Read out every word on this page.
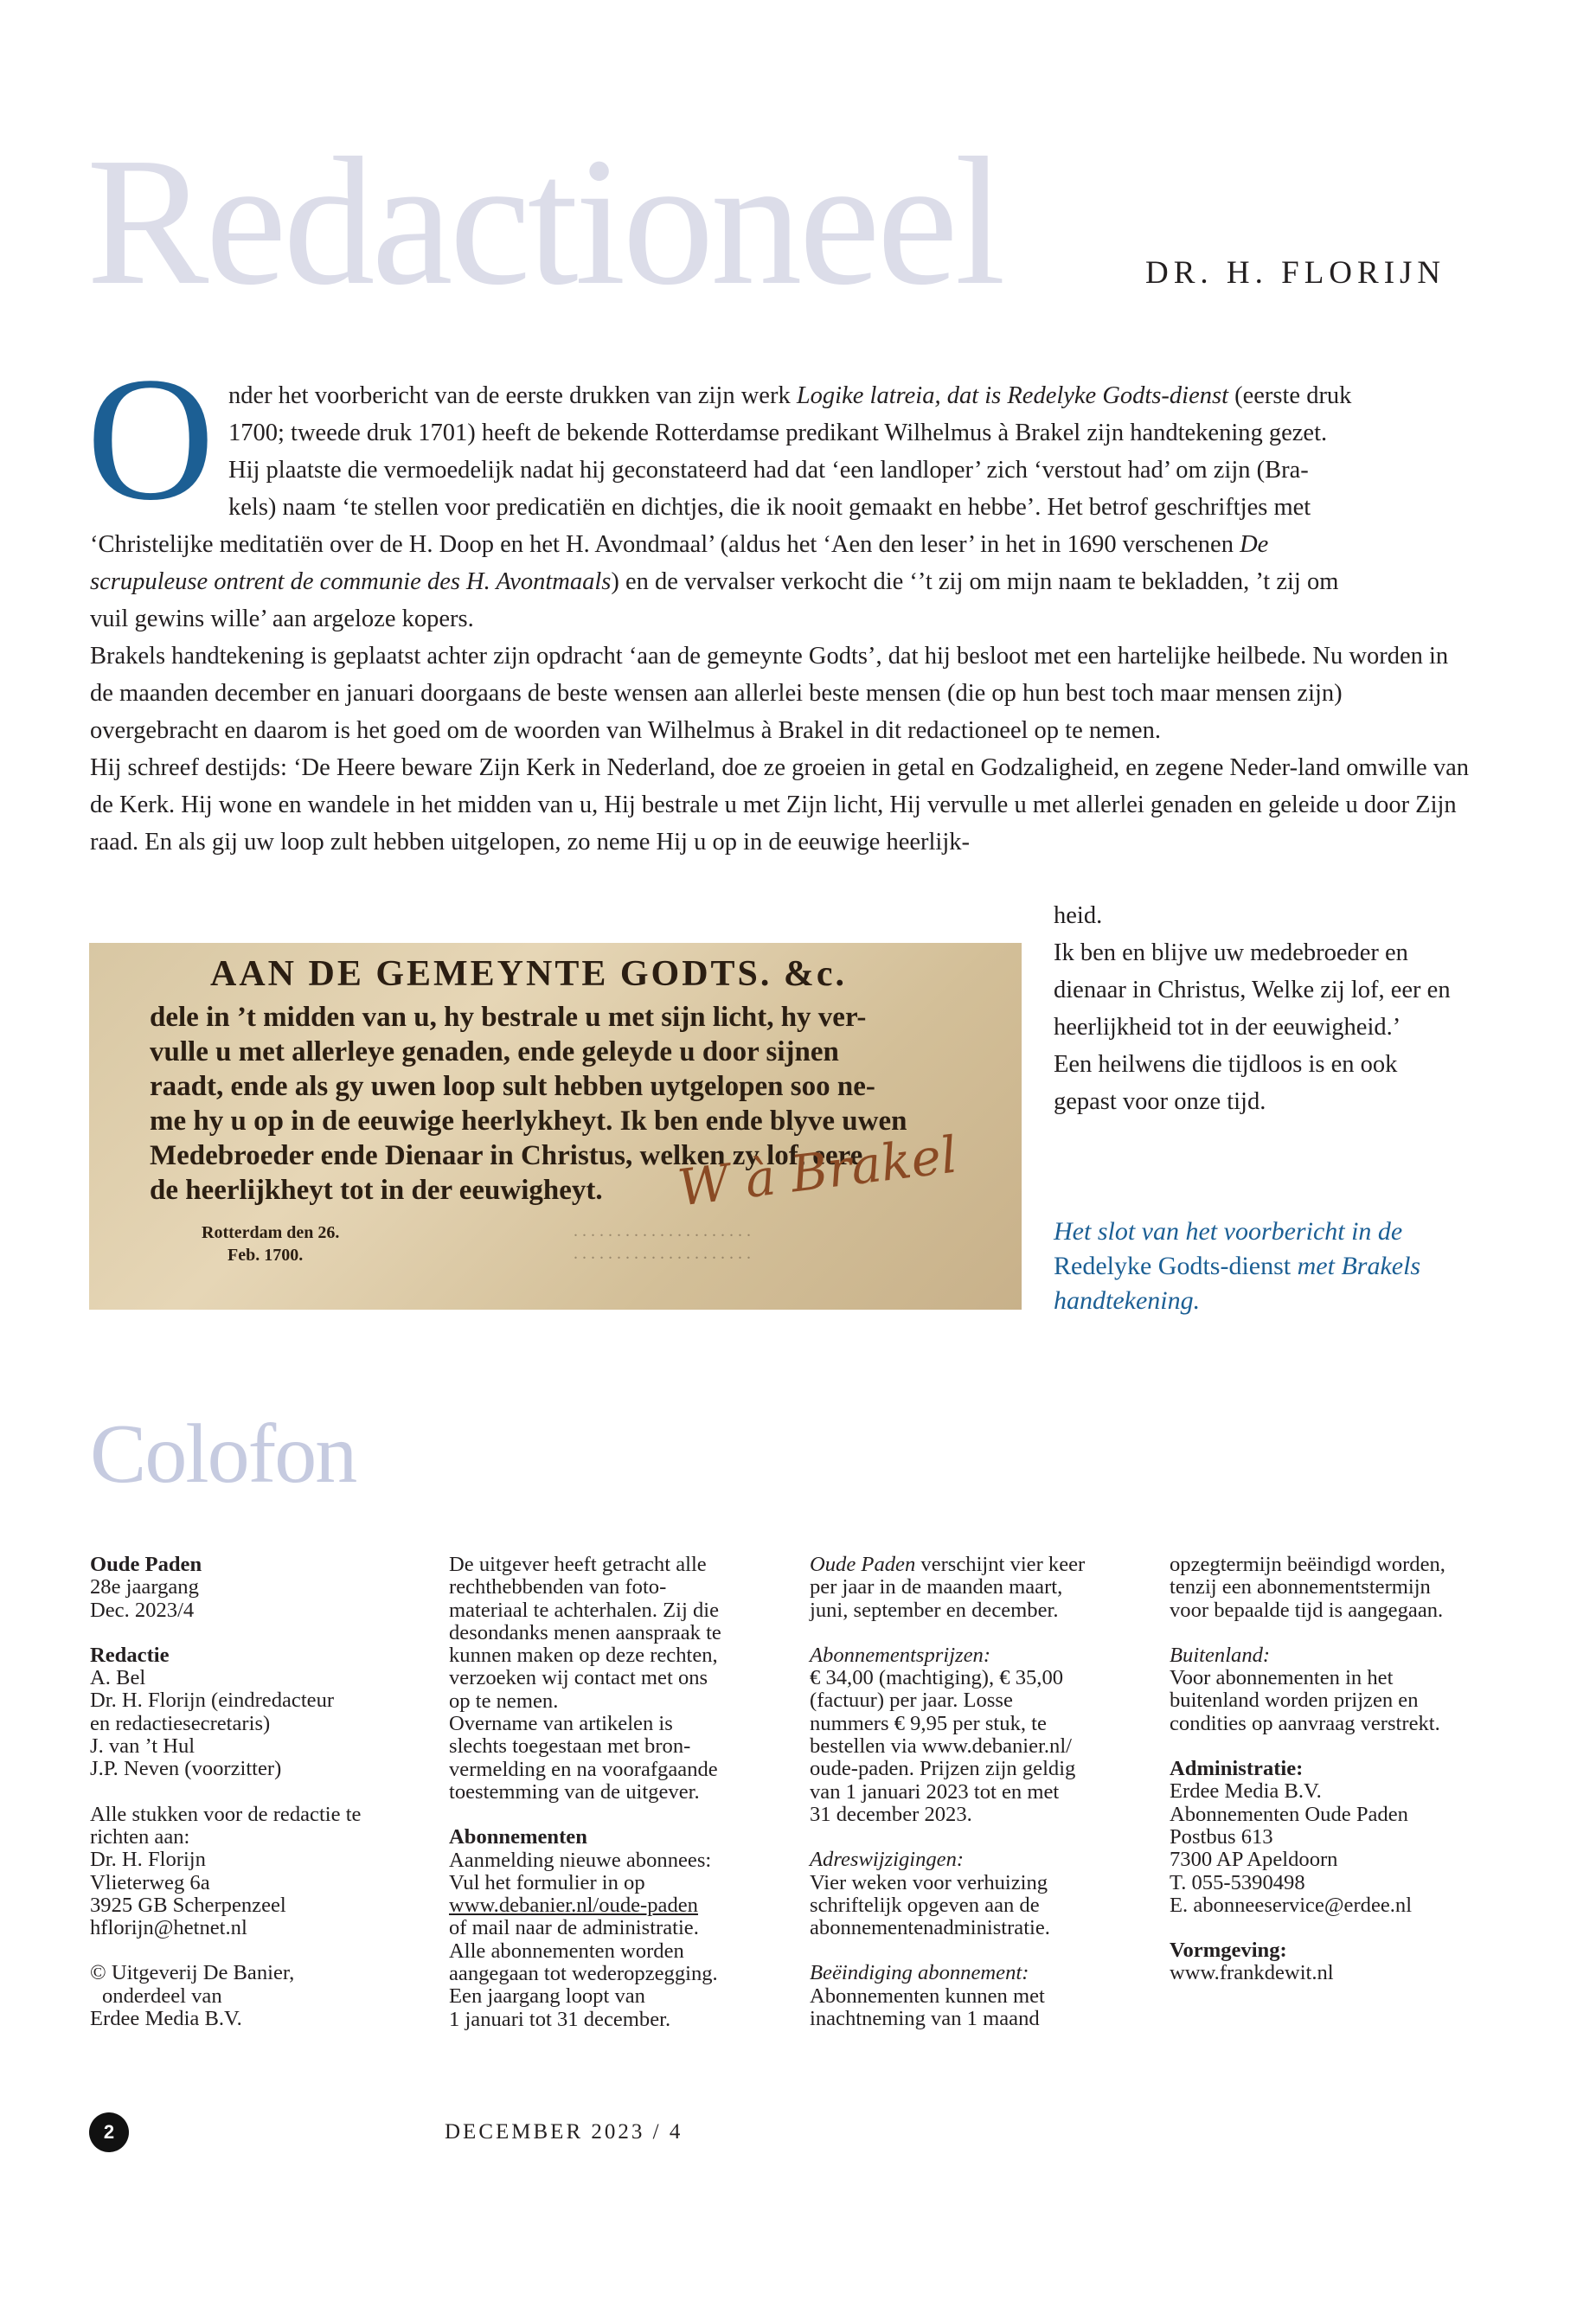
Redactioneel	DR. H. FLORIJN
O nder het voorbericht van de eerste drukken van zijn werk Logike latreia, dat is Redelyke Godts-dienst (eerste druk

1700; tweede druk 1701) heeft de bekende Rotterdamse predikant Wilhelmus à Brakel zijn handtekening gezet.

Hij plaatste die vermoedelijk nadat hij geconstateerd had dat ‘een landloper’ zich ‘verstout had’ om zijn (Bra-

kels) naam ‘te stellen voor predicatiën en dichtjes, die ik nooit gemaakt en hebbe’. Het betrof geschriftjes met

‘Christelijke meditatiën over de H. Doop en het H. Avondmaal’ (aldus het ‘Aen den leser’ in het in 1690 verschenen De

scrupuleuse ontrent de communie des H. Avontmaals) en de vervalser verkocht die ‘’t zij om mijn naam te bekladden, ’t zij om

vuil gewins wille’ aan argeloze kopers.

Brakels handtekening is geplaatst achter zijn opdracht ‘aan de gemeynte Godts’, dat hij besloot met een hartelijke heilbede. Nu worden in de maanden december en januari doorgaans de beste wensen aan allerlei beste mensen (die op hun best toch maar mensen zijn) overgebracht en daarom is het goed om de woorden van Wilhelmus à Brakel in dit redactioneel op te nemen.

Hij schreef destijds: ‘De Heere beware Zijn Kerk in Nederland, doe ze groeien in getal en Godzaligheid, en zegene Neder-land omwille van de Kerk. Hij wone en wandele in het midden van u, Hij bestrale u met Zijn licht, Hij vervulle u met allerlei genaden en geleide u door Zijn raad. En als gij uw loop zult hebben uitgelopen, zo neme Hij u op in de eeuwige heerlijk-

heid.

Ik ben en blijve uw medebroeder en dienaar in Christus, Welke zij lof, eer en heerlijkheid tot in der eeuwigheid.’

Een heilwens die tijdloos is en ook gepast voor onze tijd.

. . . . . . . . . . . . . . . . . . . . .
. . . . . . . . . . . . . . . . . . . . .
AAN DE GEMEYNTE GODTS. &c.
dele in ’t midden van u, hy bestrale u met sijn licht, hy ver-
vulle u met allerleye genaden, ende geleyde u door sijnen
raadt, ende als gy uwen loop sult hebben uytgelopen soo ne-
me hy u op in de eeuwige heerlykheyt. Ik ben ende blyve uwen
Medebroeder ende Dienaar in Christus, welken zy lof, eere
de heerlijkheyt tot in der eeuwigheyt.
Rotterdam den 26.
Feb. 1700.
W à Brakel
Het slot van het voorbericht in de Redelyke Godts-dienst met Brakels handtekening.
Colofon
Oude Paden
28e jaargang
Dec. 2023/4
Redactie
A. Bel
Dr. H. Florijn (eindredacteur
en redactiesecretaris)
J. van ’t Hul
J.P. Neven (voorzitter)
Alle stukken voor de redactie te
richten aan:
Dr. H. Florijn
Vlieterweg 6a
3925 GB Scherpenzeel
hflorijn@hetnet.nl
© Uitgeverij De Banier,
onderdeel van
Erdee Media B.V.
De uitgever heeft getracht alle
rechthebbenden van foto-
materiaal te achterhalen. Zij die
desondanks menen aanspraak te
kunnen maken op deze rechten,
verzoeken wij contact met ons
op te nemen.
Overname van artikelen is
slechts toegestaan met bron-
vermelding en na voorafgaande
toestemming van de uitgever.
Abonnementen
Aanmelding nieuwe abonnees:
Vul het formulier in op
www.debanier.nl/oude-paden
of mail naar de administratie.
Alle abonnementen worden
aangegaan tot wederopzegging.
Een jaargang loopt van
1 januari tot 31 december.
Oude Paden verschijnt vier keer
per jaar in de maanden maart,
juni, september en december.
Abonnementsprijzen:
€ 34,00 (machtiging), € 35,00
(factuur) per jaar. Losse
nummers € 9,95 per stuk, te
bestellen via www.debanier.nl/
oude-paden. Prijzen zijn geldig
van 1 januari 2023 tot en met
31 december 2023.
Adreswijzigingen:
Vier weken voor verhuizing
schriftelijk opgeven aan de
abonnementenadministratie.
Beëindiging abonnement:
Abonnementen kunnen met
inachtneming van 1 maand
opzegtermijn beëindigd worden,
tenzij een abonnementstermijn
voor bepaalde tijd is aangegaan.
Buitenland:
Voor abonnementen in het
buitenland worden prijzen en
condities op aanvraag verstrekt.
Administratie:
Erdee Media B.V.
Abonnementen Oude Paden
Postbus 613
7300 AP Apeldoorn
T. 055-5390498
E. abonneeservice@erdee.nl
Vormgeving:
www.frankdewit.nl
2	DECEMBER 2023 / 4
